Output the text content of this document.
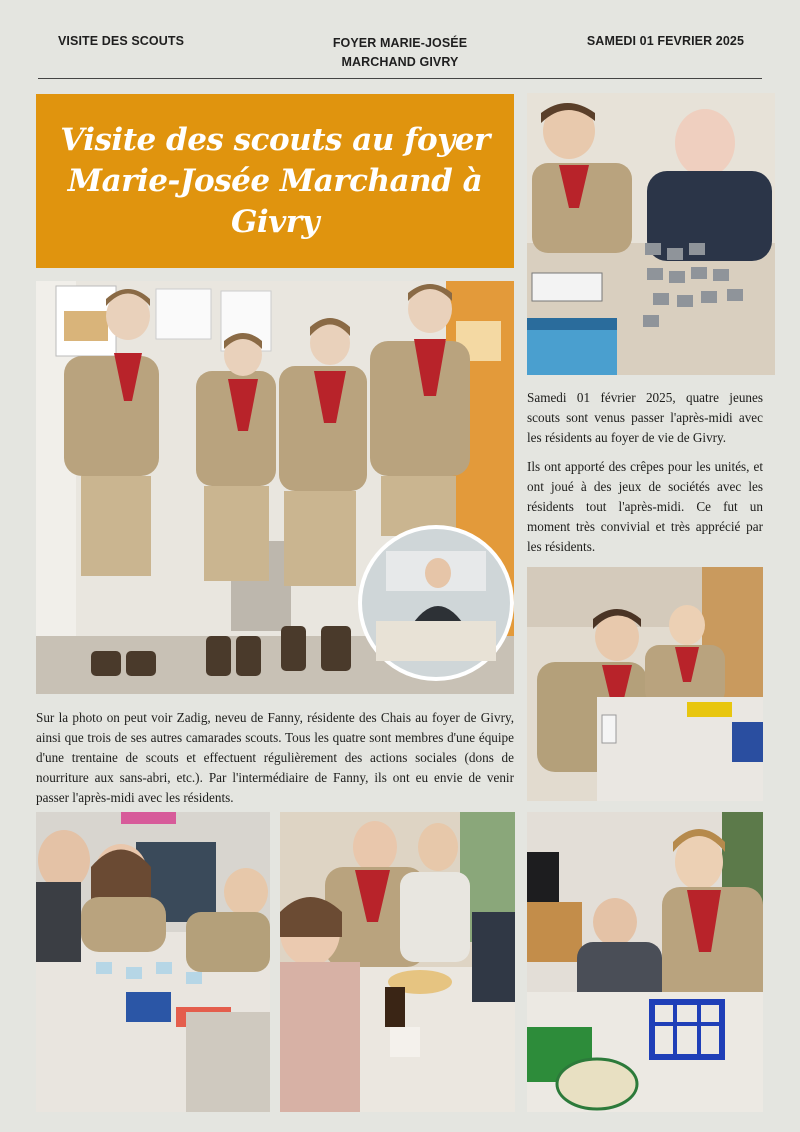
VISITE DES SCOUTS	FOYER MARIE-JOSÉE
MARCHAND GIVRY
SAMEDI 01 FEVRIER 2025
Visite des scouts au foyer Marie-Josée Marchand à Givry

Samedi 01 février 2025, quatre jeunes scouts sont venus passer l'après-midi avec les résidents au foyer de vie de Givry.

Ils ont apporté des crêpes pour les unités, et ont joué à des jeux de sociétés avec les résidents tout l'après-midi. Ce fut un moment très convivial et très apprécié par les résidents.

Sur la photo on peut voir Zadig, neveu de Fanny, résidente des Chais au foyer de Givry, ainsi que trois de ses autres camarades scouts. Tous les quatre sont membres d'une équipe d'une trentaine de scouts et effectuent régulièrement des actions sociales (dons de nourriture aux sans-abri, etc.). Par l'intermédiaire de Fanny, ils ont eu envie de venir passer l'après-midi avec les résidents.
